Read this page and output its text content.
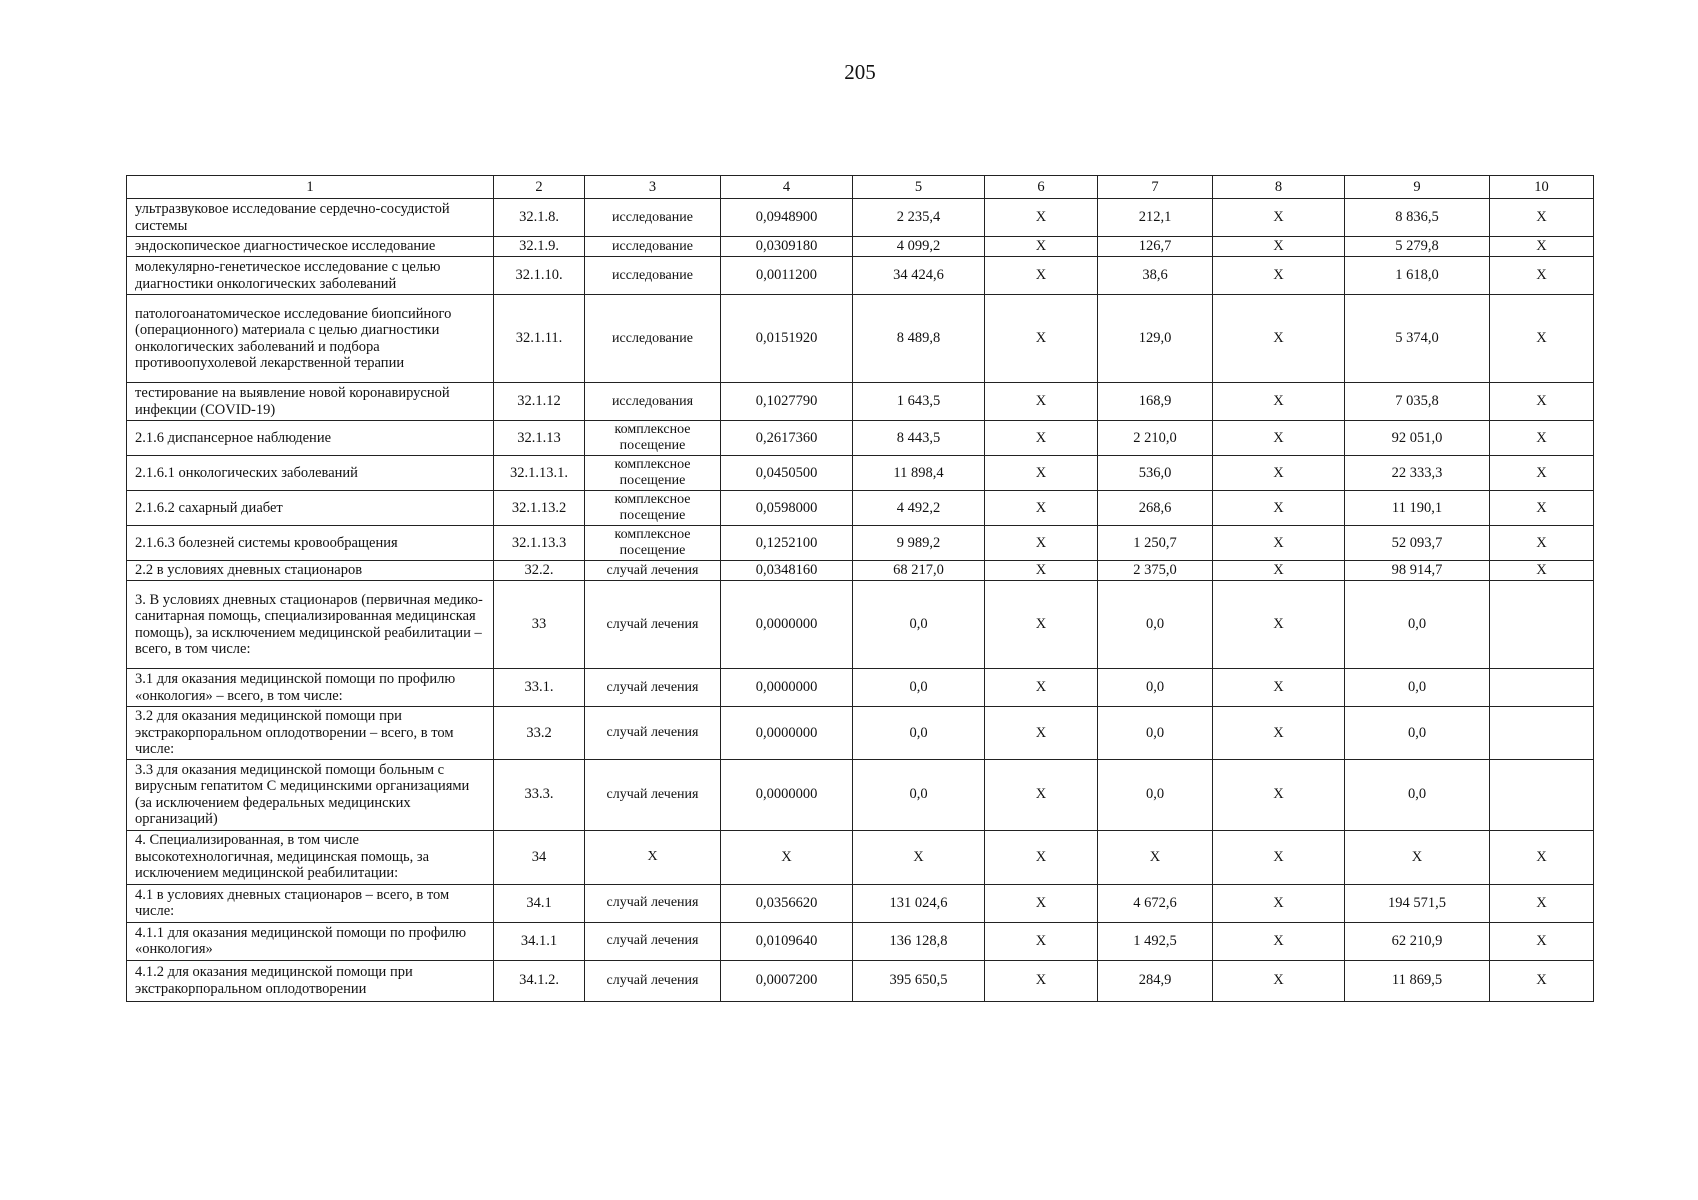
205
1	2	3	4	5	6	7	8	9	10
ультразвуковое исследование сердечно-сосудистой системы	32.1.8.	исследование	0,0948900	2 235,4	X	212,1	X	8 836,5	X
эндоскопическое диагностическое исследование	32.1.9.	исследование	0,0309180	4 099,2	X	126,7	X	5 279,8	X
молекулярно-генетическое исследование с целью диагностики онкологических заболеваний	32.1.10.	исследование	0,0011200	34 424,6	X	38,6	X	1 618,0	X
патологоанатомическое исследование биопсийного (операционного) материала с целью диагностики онкологических заболеваний и подбора противоопухолевой лекарственной терапии	32.1.11.	исследование	0,0151920	8 489,8	X	129,0	X	5 374,0	X
тестирование на выявление новой коронавирусной инфекции (COVID-19)	32.1.12	исследования	0,1027790	1 643,5	X	168,9	X	7 035,8	X
2.1.6 диспансерное наблюдение	32.1.13	комплексное посещение	0,2617360	8 443,5	X	2 210,0	X	92 051,0	X
2.1.6.1 онкологических заболеваний	32.1.13.1.	комплексное посещение	0,0450500	11 898,4	X	536,0	X	22 333,3	X
2.1.6.2 сахарный диабет	32.1.13.2	комплексное посещение	0,0598000	4 492,2	X	268,6	X	11 190,1	X
2.1.6.3 болезней системы кровообращения	32.1.13.3	комплексное посещение	0,1252100	9 989,2	X	1 250,7	X	52 093,7	X
2.2 в условиях дневных стационаров	32.2.	случай лечения	0,0348160	68 217,0	X	2 375,0	X	98 914,7	X
3. В условиях дневных стационаров (первичная медико-санитарная помощь, специализированная медицинская помощь), за исключением медицинской реабилитации – всего, в том числе:	33	случай лечения	0,0000000	0,0	X	0,0	X	0,0	
3.1 для оказания медицинской помощи по профилю «онкология» – всего, в том числе:	33.1.	случай лечения	0,0000000	0,0	X	0,0	X	0,0	
3.2 для оказания медицинской помощи при экстракорпоральном оплодотворении – всего, в том числе:	33.2	случай лечения	0,0000000	0,0	X	0,0	X	0,0	
3.3 для оказания медицинской помощи больным с вирусным гепатитом С медицинскими организациями (за исключением федеральных медицинских организаций)	33.3.	случай лечения	0,0000000	0,0	X	0,0	X	0,0	
4. Специализированная, в том числе высокотехнологичная, медицинская помощь, за исключением медицинской реабилитации:	34	X	X	X	X	X	X	X	X
4.1 в условиях дневных стационаров – всего, в том числе:	34.1	случай лечения	0,0356620	131 024,6	X	4 672,6	X	194 571,5	X
4.1.1 для оказания медицинской помощи по профилю «онкология»	34.1.1	случай лечения	0,0109640	136 128,8	X	1 492,5	X	62 210,9	X
4.1.2 для оказания медицинской помощи при экстракорпоральном оплодотворении	34.1.2.	случай лечения	0,0007200	395 650,5	X	284,9	X	11 869,5	X
